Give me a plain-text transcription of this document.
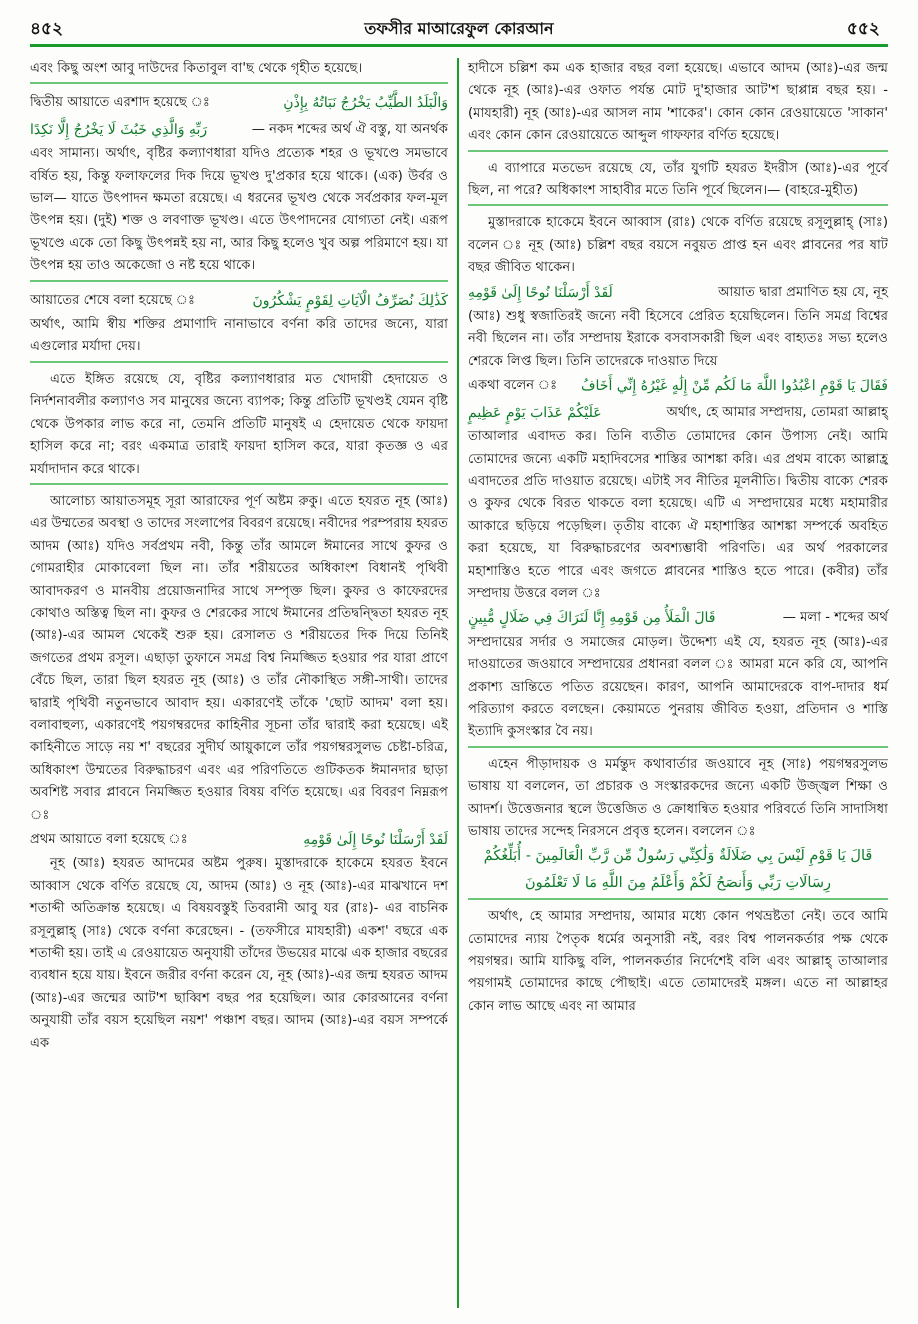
৪৫২	তফসীর মাআরেফুল কোরআন	৫৫২

এবং কিছু অংশ আবু দাউদের কিতাবুল বা'ছ থেকে গৃহীত হয়েছে।

দ্বিতীয় আয়াতে এরশাদ হয়েছে ঃ	وَالْبَلَدُ الطَّيِّبُ يَخْرُجُ نَبَاتُهُ بِإِذْنِ
رَبِّهِ وَالَّذِي خَبُثَ لَا يَخْرُجُ إِلَّا نَكِدًا	— নকদ শব্দের অর্থ ঐ বস্তু, যা অনর্থক

এবং সামান্য। অর্থাৎ, বৃষ্টির কল্যাণধারা যদিও প্রত্যেক শহর ও ভূখণ্ডে সমভাবে বর্ষিত হয়, কিন্তু ফলাফলের দিক দিয়ে ভূখণ্ড দু'প্রকার হয়ে থাকে। (এক) উর্বর ও ভাল— যাতে উৎপাদন ক্ষমতা রয়েছে। এ ধরনের ভূখণ্ড থেকে সর্বপ্রকার ফল-মূল উৎপন্ন হয়। (দুই) শক্ত ও লবণাক্ত ভূখণ্ড। এতে উৎপাদনের যোগ্যতা নেই। এরূপ ভূখণ্ডে একে তো কিছু উৎপন্নই হয় না, আর কিছু হলেও খুব অল্প পরিমাণে হয়। যা উৎপন্ন হয় তাও অকেজো ও নষ্ট হয়ে থাকে।

আয়াতের শেষে বলা হয়েছে ঃ	كَذَٰلِكَ نُصَرِّفُ الْآيَاتِ لِقَوْمٍ يَشْكُرُونَ

অর্থাৎ, আমি স্বীয় শক্তির প্রমাণাদি নানাভাবে বর্ণনা করি তাদের জন্যে, যারা এগুলোর মর্যাদা দেয়।

এতে ইঙ্গিত রয়েছে যে, বৃষ্টির কল্যাণধারার মত খোদায়ী হেদায়েত ও নির্দশনাবলীর কল্যাণও সব মানুষের জন্যে ব্যাপক; কিন্তু প্রতিটি ভূখণ্ডই যেমন বৃষ্টি থেকে উপকার লাভ করে না, তেমনি প্রতিটি মানুষই এ হেদায়েত থেকে ফায়দা হাসিল করে না; বরং একমাত্র তারাই ফায়দা হাসিল করে, যারা কৃতজ্ঞ ও এর মর্যাদাদান করে থাকে।

আলোচ্য আয়াতসমূহ সূরা আরাফের পূর্ণ অষ্টম রুকু। এতে হযরত নূহ (আঃ) এর উম্মতের অবস্থা ও তাদের সংলাপের বিবরণ রয়েছে। নবীদের পরম্পরায় হযরত আদম (আঃ) যদিও সর্বপ্রথম নবী, কিন্তু তাঁর আমলে ঈমানের সাথে কুফর ও গোমরাহীর মোকাবেলা ছিল না। তাঁর শরীয়তের অধিকাংশ বিধানই পৃথিবী আবাদকরণ ও মানবীয় প্রয়োজনাদির সাথে সম্পৃক্ত ছিল। কুফর ও কাফেরদের কোথাও অস্তিত্ব ছিল না। কুফর ও শেরকের সাথে ঈমানের প্রতিদ্বন্দ্বিতা হযরত নূহ (আঃ)-এর আমল থেকেই শুরু হয়। রেসালত ও শরীয়তের দিক দিয়ে তিনিই জগতের প্রথম রসূল। এছাড়া তুফানে সমগ্র বিশ্ব নিমজ্জিত হওয়ার পর যারা প্রাণে বেঁচে ছিল, তারা ছিল হযরত নূহ (আঃ) ও তাঁর নৌকাস্থিত সঙ্গী-সাথী। তাদের দ্বারাই পৃথিবী নতুনভাবে আবাদ হয়। একারণেই তাঁকে 'ছোট আদম' বলা হয়। বলাবাহুল্য, একারণেই পয়গম্বরদের কাহিনীর সূচনা তাঁর দ্বারাই করা হয়েছে। এই কাহিনীতে সাড়ে নয় শ' বছরের সুদীর্ঘ আয়ুকালে তাঁর পয়গম্বরসুলভ চেষ্টা-চরিত্র, অধিকাংশ উম্মতের বিরুদ্ধাচরণ এবং এর পরিণতিতে গুটিকতক ঈমানদার ছাড়া অবশিষ্ট সবার প্লাবনে নিমজ্জিত হওয়ার বিষয় বর্ণিত হয়েছে। এর বিবরণ নিম্নরূপ ঃ

প্রথম আয়াতে বলা হয়েছে ঃ	لَقَدْ أَرْسَلْنَا نُوحًا إِلَىٰ قَوْمِهِ

নূহ (আঃ) হযরত আদমের অষ্টম পুরুষ। মুস্তাদরাকে হাকেমে হযরত ইবনে আব্বাস থেকে বর্ণিত রয়েছে যে, আদম (আঃ) ও নূহ (আঃ)-এর মাঝখানে দশ শতাব্দী অতিক্রান্ত হয়েছে। এ বিষয়বস্তুই তিবরানী আবু যর (রাঃ)- এর বাচনিক রসূলুল্লাহ্ (সাঃ) থেকে বর্ণনা করেছেন। - (তফসীরে মাযহারী) একশ' বছরে এক শতাব্দী হয়। তাই এ রেওয়ায়েত অনুযায়ী তাঁদের উভয়ের মাঝে এক হাজার বছরের ব্যবধান হয়ে যায়। ইবনে জরীর বর্ণনা করেন যে, নূহ (আঃ)-এর জন্ম হযরত আদম (আঃ)-এর জন্মের আট'শ ছাব্বিশ বছর পর হয়েছিল। আর কোরআনের বর্ণনা অনুযায়ী তাঁর বয়স হয়েছিল নয়শ' পঞ্চাশ বছর। আদম (আঃ)-এর বয়স সম্পর্কে এক

হাদীসে চল্লিশ কম এক হাজার বছর বলা হয়েছে। এভাবে আদম (আঃ)-এর জন্ম থেকে নূহ (আঃ)-এর ওফাত পর্যন্ত মোট দু'হাজার আট'শ ছাপ্পান্ন বছর হয়। - (মাযহারী) নূহ (আঃ)-এর আসল নাম 'শাকের'। কোন কোন রেওয়ায়েতে 'সাকান' এবং কোন কোন রেওয়ায়েতে আব্দুল গাফফার বর্ণিত হয়েছে।

এ ব্যাপারে মতভেদ রয়েছে যে, তাঁর যুগটি হযরত ইদরীস (আঃ)-এর পূর্বে ছিল, না পরে? অধিকাংশ সাহাবীর মতে তিনি পূর্বে ছিলেন।— (বাহরে-মুহীত)

মুস্তাদরাকে হাকেমে ইবনে আব্বাস (রাঃ) থেকে বর্ণিত রয়েছে রসূলুল্লাহ্ (সাঃ) বলেন ঃ নূহ (আঃ) চল্লিশ বছর বয়সে নবুয়ত প্রাপ্ত হন এবং প্লাবনের পর ষাট বছর জীবিত থাকেন।

لَقَدْ أَرْسَلْنَا نُوحًا إِلَىٰ قَوْمِهِ	আয়াত দ্বারা প্রমাণিত হয় যে, নূহ

(আঃ) শুধু স্বজাতিরই জন্যে নবী হিসেবে প্রেরিত হয়েছিলেন। তিনি সমগ্র বিশ্বের নবী ছিলেন না। তাঁর সম্প্রদায় ইরাকে বসবাসকারী ছিল এবং বাহ্যতঃ সভ্য হলেও শেরকে লিপ্ত ছিল। তিনি তাদেরকে দাওয়াত দিয়ে

একথা বলেন ঃ فَقَالَ يَا قَوْمِ اعْبُدُوا اللَّهَ مَا لَكُم مِّنْ إِلَٰهٍ غَيْرُهُ إِنِّي أَخَافُ
عَلَيْكُمْ عَذَابَ يَوْمٍ عَظِيمٍ	অর্থাৎ, হে আমার সম্প্রদায়, তোমরা আল্লাহ্

তাআলার এবাদত কর। তিনি ব্যতীত তোমাদের কোন উপাস্য নেই। আমি তোমাদের জন্যে একটি মহাদিবসের শাস্তির আশঙ্কা করি। এর প্রথম বাক্যে আল্লাহ্র এবাদতের প্রতি দাওয়াত রয়েছে। এটাই সব নীতির মূলনীতি। দ্বিতীয় বাক্যে শেরক ও কুফর থেকে বিরত থাকতে বলা হয়েছে। এটি এ সম্প্রদায়ের মধ্যে মহামারীর আকারে ছড়িয়ে পড়েছিল। তৃতীয় বাক্যে ঐ মহাশাস্তির আশঙ্কা সম্পর্কে অবহিত করা হয়েছে, যা বিরুদ্ধাচরণের অবশ্যম্ভাবী পরিণতি। এর অর্থ পরকালের মহাশাস্তিও হতে পারে এবং জগতে প্লাবনের শাস্তিও হতে পারে। (কবীর) তাঁর সম্প্রদায় উত্তরে বলল ঃ

قَالَ الْمَلَأُ مِن قَوْمِهِ إِنَّا لَنَرَاكَ فِي ضَلَالٍ مُّبِينٍ	— মলা - শব্দের অর্থ

সম্প্রদায়ের সর্দার ও সমাজের মোড়ল। উদ্দেশ্য এই যে, হযরত নূহ (আঃ)-এর দাওয়াতের জওয়াবে সম্প্রদায়ের প্রধানরা বলল ঃ আমরা মনে করি যে, আপনি প্রকাশ্য ভ্রান্তিতে পতিত রয়েছেন। কারণ, আপনি আমাদেরকে বাপ-দাদার ধর্ম পরিত্যাগ করতে বলছেন। কেয়ামতে পুনরায় জীবিত হওয়া, প্রতিদান ও শাস্তি ইত্যাদি কুসংস্কার বৈ নয়।

এহেন পীড়াদায়ক ও মর্মন্তুদ কথাবার্তার জওয়াবে নূহ (সাঃ) পয়গম্বরসুলভ ভাষায় যা বললেন, তা প্রচারক ও সংস্কারকদের জন্যে একটি উজ্জ্বল শিক্ষা ও আদর্শ। উত্তেজনার স্থলে উত্তেজিত ও ক্রোধান্বিত হওয়ার পরিবর্তে তিনি সাদাসিধা ভাষায় তাদের সন্দেহ নিরসনে প্রবৃত্ত হলেন। বললেন ঃ

قَالَ يَا قَوْمِ لَيْسَ بِي ضَلَالَةٌ وَلَٰكِنِّي رَسُولٌ مِّن رَّبِّ الْعَالَمِينَ - أُبَلِّغُكُمْ
رِسَالَاتِ رَبِّي وَأَنصَحُ لَكُمْ وَأَعْلَمُ مِنَ اللَّهِ مَا لَا تَعْلَمُونَ

অর্থাৎ, হে আমার সম্প্রদায়, আমার মধ্যে কোন পথভ্রষ্টতা নেই। তবে আমি তোমাদের ন্যায় পৈতৃক ধর্মের অনুসারী নই, বরং বিশ্ব পালনকর্তার পক্ষ থেকে পয়গম্বর। আমি যাকিছু বলি, পালনকর্তার নির্দেশেই বলি এবং আল্লাহ্ তাআলার পয়গামই তোমাদের কাছে পৌছাই। এতে তোমাদেরই মঙ্গল। এতে না আল্লাহর কোন লাভ আছে এবং না আমার
